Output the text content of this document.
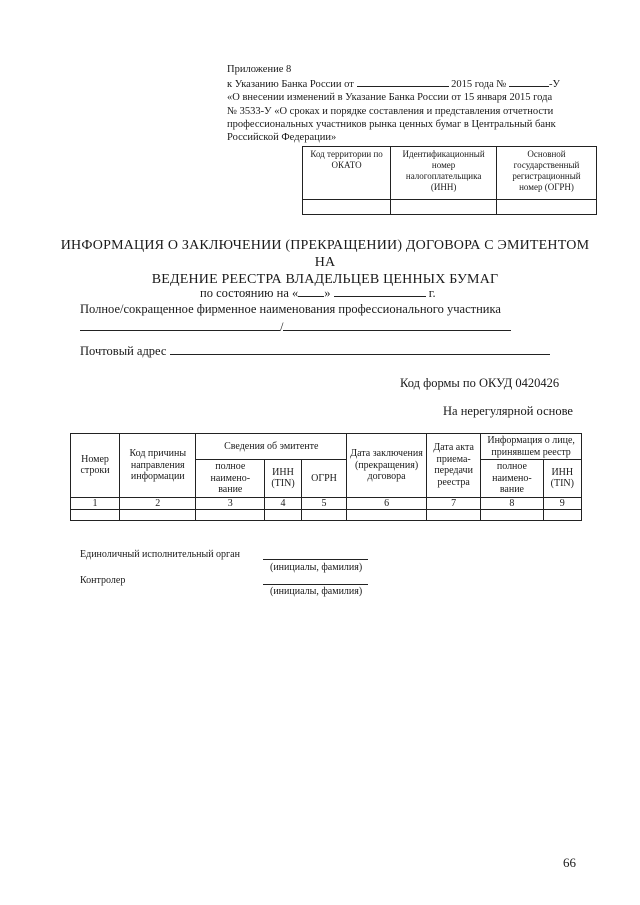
Приложение 8
к Указанию Банка России от	2015 года №	-У
«О внесении изменений в Указание Банка России от 15 января 2015 года
№ 3533-У «О сроках и порядке составления и представления отчетности
профессиональных участников рынка ценных бумаг в Центральный банк
Российской Федерации»
Код территории по ОКАТО	Идентификационный номер налогоплательщика (ИНН)	Основной государственный регистрационный номер (ОГРН)

ИНФОРМАЦИЯ О ЗАКЛЮЧЕНИИ (ПРЕКРАЩЕНИИ) ДОГОВОРА С ЭМИТЕНТОМ НА
ВЕДЕНИЕ РЕЕСТРА ВЛАДЕЛЬЦЕВ ЦЕННЫХ БУМАГ
по состоянию на « »	г.
Полное/сокращенное фирменное наименования профессионального участника
/
Почтовый адрес
Код формы по ОКУД 0420426
На нерегулярной основе
Номер строки	Код причины направления информации	Сведения об эмитенте			Дата заключения (прекращения) договора	Дата акта приема-передачи реестра	Информация о лице, принявшем реестр	
		полное наимено-вание	ИНН (TIN)	ОГРН			полное наимено-вание	ИНН (TIN)
1	2	3	4	5	6	7	8	9

Единоличный исполнительный орган
(инициалы, фамилия)
Контролер
(инициалы, фамилия)
66
